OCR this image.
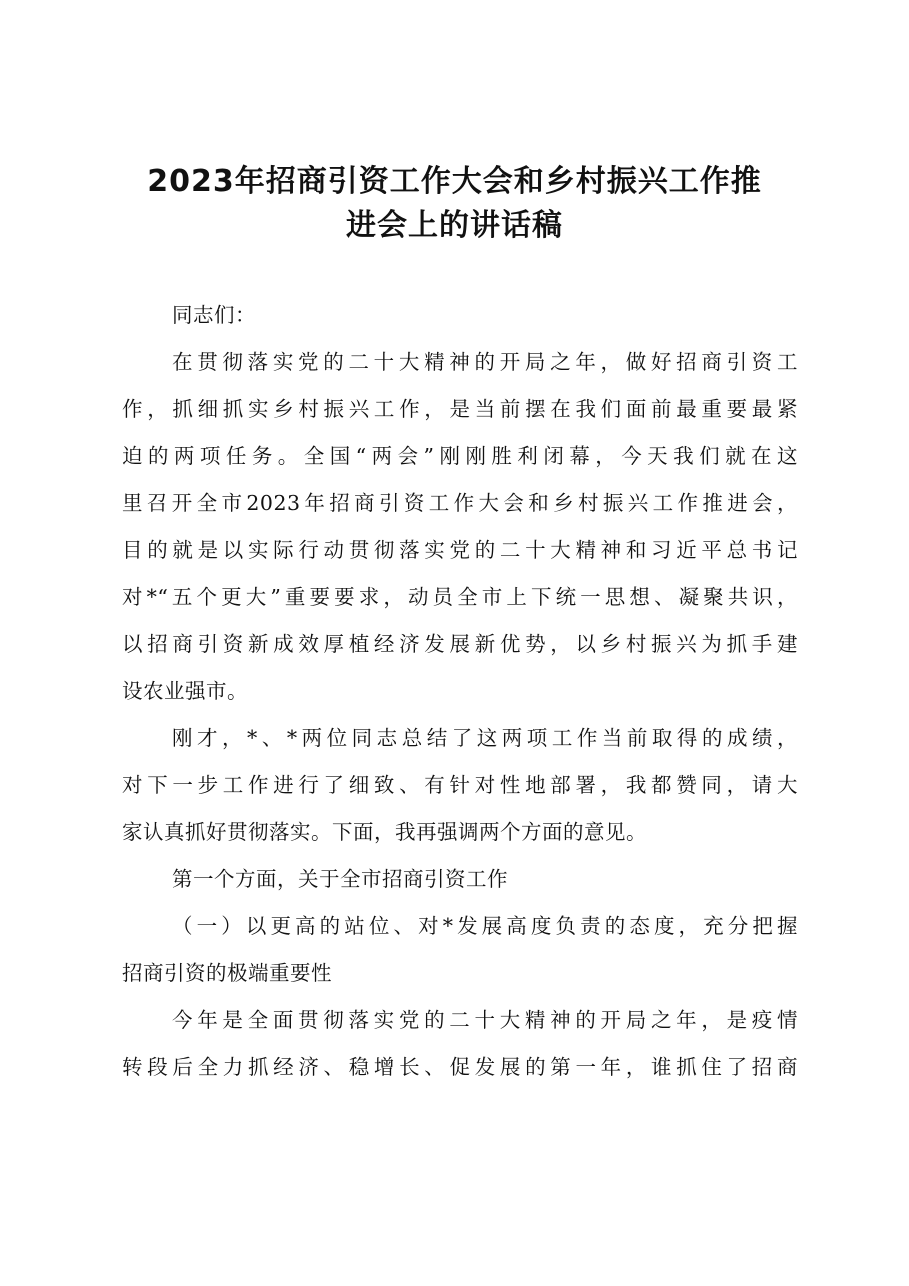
2023年招商引资工作大会和乡村振兴工作推
进会上的讲话稿
同志们：
在贯彻落实党的二十大精神的开局之年，做好招商引资工
作，抓细抓实乡村振兴工作，是当前摆在我们面前最重要最紧
迫的两项任务。全国“两会”刚刚胜利闭幕，今天我们就在这
里召开全市2023年招商引资工作大会和乡村振兴工作推进会，
目的就是以实际行动贯彻落实党的二十大精神和习近平总书记
对*“五个更大”重要要求，动员全市上下统一思想、凝聚共识，
以招商引资新成效厚植经济发展新优势，以乡村振兴为抓手建
设农业强市。
刚才，*、*两位同志总结了这两项工作当前取得的成绩，
对下一步工作进行了细致、有针对性地部署，我都赞同，请大
家认真抓好贯彻落实。下面，我再强调两个方面的意见。
第一个方面，关于全市招商引资工作
（一）以更高的站位、对*发展高度负责的态度，充分把握
招商引资的极端重要性
今年是全面贯彻落实党的二十大精神的开局之年，是疫情
转段后全力抓经济、稳增长、促发展的第一年，谁抓住了招商
